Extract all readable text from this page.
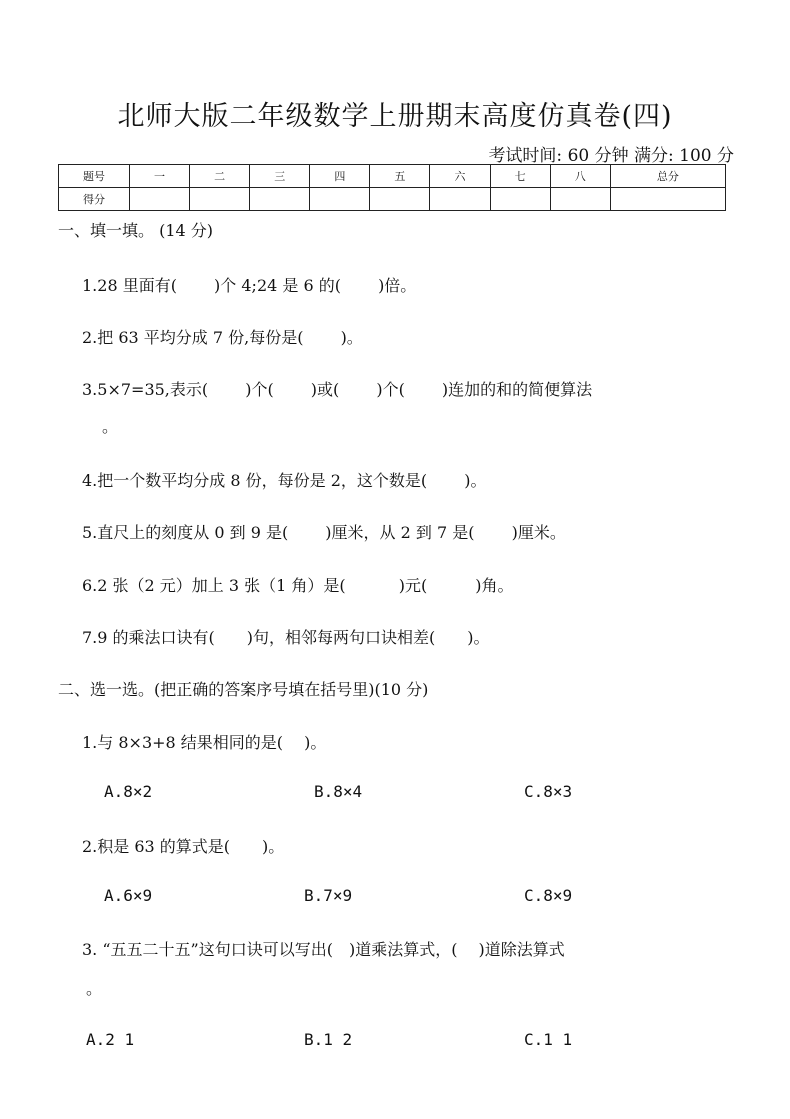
北师大版二年级数学上册期末高度仿真卷(四)
考试时间: 60 分钟 满分: 100 分
题号	一	二	三	四	五	六	七	八	总分
得分									
一、填一填。 (14 分)
1.28 里面有(　　 )个 4;24 是 6 的(　　 )倍。
2.把 63 平均分成 7 份,每份是(　　 )。
3.5×7=35,表示(　　 )个(　　 )或(　　 )个(　　 )连加的和的简便算法
。
4.把一个数平均分成 8 份，每份是 2，这个数是(　　 )。
5.直尺上的刻度从 0 到 9 是(　　 )厘米，从 2 到 7 是(　　 )厘米。
6.2 张（2 元）加上 3 张（1 角）是(　　　 )元(　　　)角。
7.9 的乘法口诀有(　　)句，相邻每两句口诀相差(　　)。
二、选一选。(把正确的答案序号填在括号里)(10 分)
1.与 8×3+8 结果相同的是(　 )。
A.8×2	B.8×4	C.8×3
2.积是 63 的算式是(　　)。
A.6×9	B.7×9	C.8×9
3. “五五二十五”这句口诀可以写出(　)道乘法算式，(　 )道除法算式
。
A.2 1	B.1 2	C.1 1
